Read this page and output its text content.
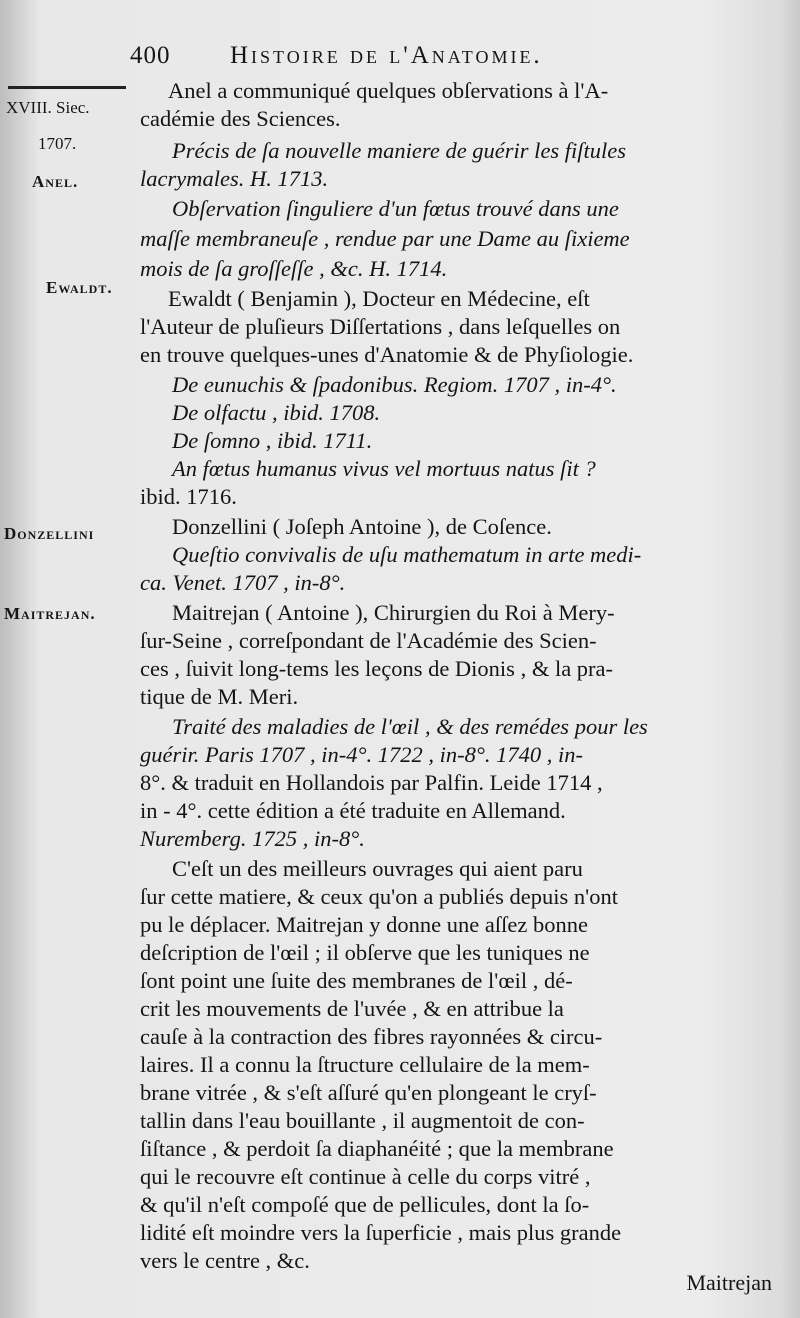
400 Histoire de l'Anatomie.
XVIII. Siec.
1707.
Anel.
Ewaldt.
Donzellini
Maitrejan.
Anel a communiqué quelques obſervations à l'A-
cadémie des Sciences.
Précis de ſa nouvelle maniere de guérir les fiſtules
lacrymales. H. 1713.
Obſervation ſinguliere d'un fœtus trouvé dans une
maſſe membraneuſe , rendue par une Dame au ſixieme
mois de ſa groſſeſſe , &c. H. 1714.
Ewaldt ( Benjamin ), Docteur en Médecine, eſt
l'Auteur de pluſieurs Diſſertations , dans leſquelles on
en trouve quelques-unes d'Anatomie & de Phyſiologie.
De eunuchis & ſpadonibus. Regiom. 1707 , in-4°.
De olfactu , ibid. 1708.
De ſomno , ibid. 1711.
An fœtus humanus vivus vel mortuus natus ſit ?
ibid. 1716.
Donzellini ( Joſeph Antoine ), de Coſence.
Queſtio convivalis de uſu mathematum in arte medi-
ca. Venet. 1707 , in-8°.
Maitrejan ( Antoine ), Chirurgien du Roi à Mery-
ſur-Seine , correſpondant de l'Académie des Scien-
ces , ſuivit long-tems les leçons de Dionis , & la pra-
tique de M. Meri.
Traité des maladies de l'œil , & des remédes pour les
guérir. Paris 1707 , in-4°. 1722 , in-8°. 1740 , in-
8°. & traduit en Hollandois par Palfin. Leide 1714 ,
in - 4°. cette édition a été traduite en Allemand.
Nuremberg. 1725 , in-8°.
C'eſt un des meilleurs ouvrages qui aient paru
ſur cette matiere, & ceux qu'on a publiés depuis n'ont
pu le déplacer. Maitrejan y donne une aſſez bonne
deſcription de l'œil ; il obſerve que les tuniques ne
ſont point une ſuite des membranes de l'œil , dé-
crit les mouvements de l'uvée , & en attribue la
cauſe à la contraction des fibres rayonnées & circu-
laires. Il a connu la ſtructure cellulaire de la mem-
brane vitrée , & s'eſt aſſuré qu'en plongeant le cryſ-
tallin dans l'eau bouillante , il augmentoit de con-
ſiſtance , & perdoit ſa diaphanéité ; que la membrane
qui le recouvre eſt continue à celle du corps vitré ,
& qu'il n'eſt compoſé que de pellicules, dont la ſo-
lidité eſt moindre vers la ſuperficie , mais plus grande
vers le centre , &c.
Maitrejan
